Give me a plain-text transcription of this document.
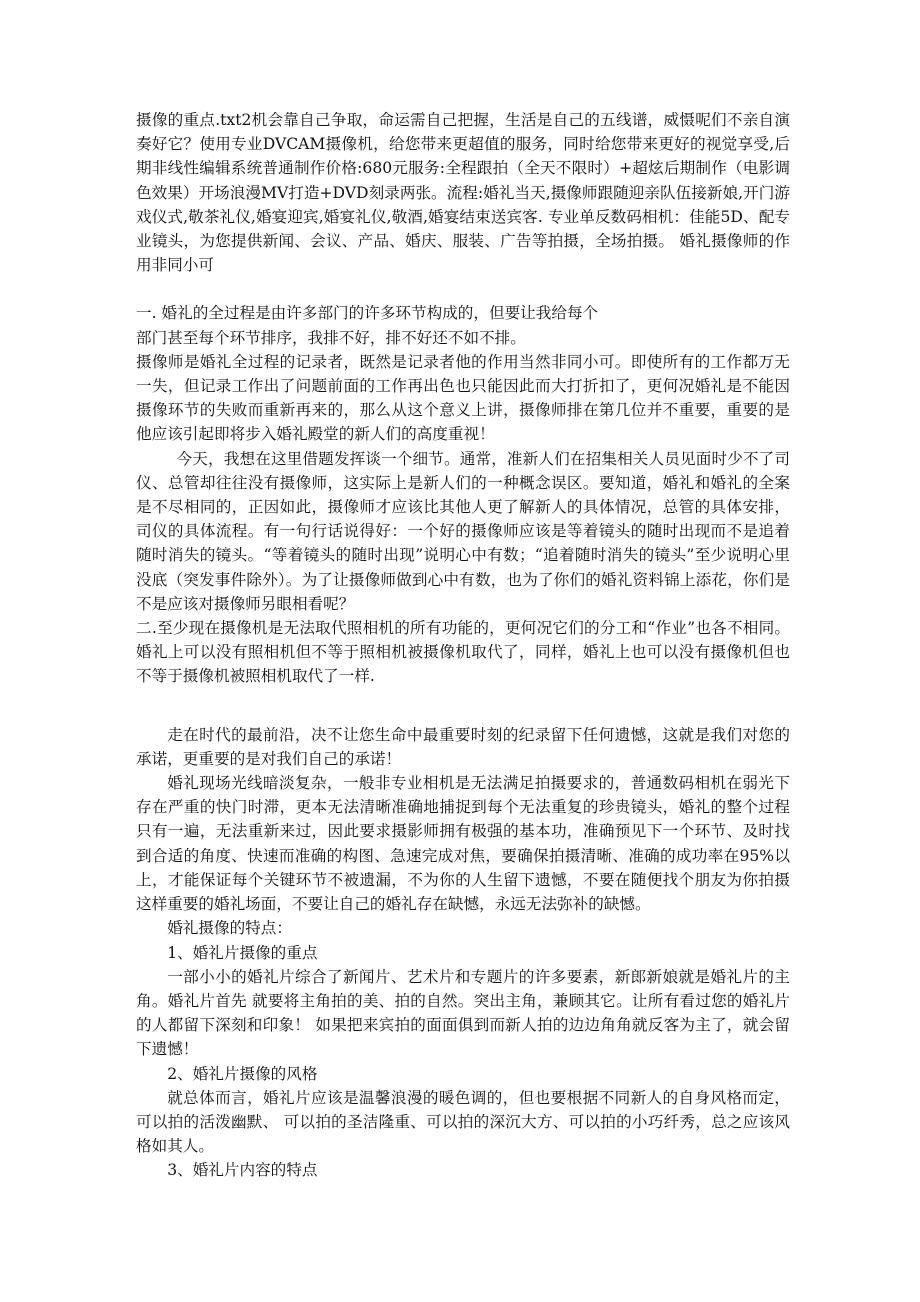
摄像的重点.txt2机会靠自己争取，命运需自己把握，生活是自己的五线谱，威慑呢们不亲自演奏好它？使用专业DVCAM摄像机，给您带来更超值的服务，同时给您带来更好的视觉享受,后期非线性编辑系统普通制作价格:680元服务:全程跟拍（全天不限时）+超炫后期制作（电影调色效果）开场浪漫MV打造+DVD刻录两张。流程:婚礼当天,摄像师跟随迎亲队伍接新娘,开门游戏仪式,敬茶礼仪,婚宴迎宾,婚宴礼仪,敬酒,婚宴结束送宾客. 专业单反数码相机：佳能5D、配专业镜头，为您提供新闻、会议、产品、婚庆、服装、广告等拍摄，全场拍摄。 婚礼摄像师的作用非同小可

一. 婚礼的全过程是由许多部门的许多环节构成的，但要让我给每个

部门甚至每个环节排序，我排不好，排不好还不如不排。

摄像师是婚礼全过程的记录者，既然是记录者他的作用当然非同小可。即使所有的工作都万无一失，但记录工作出了问题前面的工作再出色也只能因此而大打折扣了，更何况婚礼是不能因摄像环节的失败而重新再来的，那么从这个意义上讲，摄像师排在第几位并不重要，重要的是他应该引起即将步入婚礼殿堂的新人们的高度重视！

今天，我想在这里借题发挥谈一个细节。通常，准新人们在招集相关人员见面时少不了司仪、总管却往往没有摄像师，这实际上是新人们的一种概念误区。要知道，婚礼和婚礼的全案是不尽相同的，正因如此，摄像师才应该比其他人更了解新人的具体情况，总管的具体安排，司仪的具体流程。有一句行话说得好：一个好的摄像师应该是等着镜头的随时出现而不是追着随时消失的镜头。“等着镜头的随时出现”说明心中有数；“追着随时消失的镜头”至少说明心里没底（突发事件除外）。为了让摄像师做到心中有数，也为了你们的婚礼资料锦上添花，你们是不是应该对摄像师另眼相看呢？

二.至少现在摄像机是无法取代照相机的所有功能的，更何况它们的分工和“作业”也各不相同。婚礼上可以没有照相机但不等于照相机被摄像机取代了，同样，婚礼上也可以没有摄像机但也不等于摄像机被照相机取代了一样.

走在时代的最前沿，决不让您生命中最重要时刻的纪录留下任何遗憾，这就是我们对您的承诺，更重要的是对我们自己的承诺！

婚礼现场光线暗淡复杂，一般非专业相机是无法满足拍摄要求的，普通数码相机在弱光下存在严重的快门时滞，更本无法清晰准确地捕捉到每个无法重复的珍贵镜头，婚礼的整个过程只有一遍，无法重新来过，因此要求摄影师拥有极强的基本功，准确预见下一个环节、及时找到合适的角度、快速而准确的构图、急速完成对焦，要确保拍摄清晰、准确的成功率在95%以上，才能保证每个关键环节不被遗漏，不为你的人生留下遗憾，不要在随便找个朋友为你拍摄这样重要的婚礼场面，不要让自己的婚礼存在缺憾，永远无法弥补的缺憾。

婚礼摄像的特点：

1、婚礼片摄像的重点

一部小小的婚礼片综合了新闻片、艺术片和专题片的许多要素，新郎新娘就是婚礼片的主角。婚礼片首先 就要将主角拍的美、拍的自然。突出主角，兼顾其它。让所有看过您的婚礼片的人都留下深刻和印象！ 如果把来宾拍的面面俱到而新人拍的边边角角就反客为主了，就会留下遗憾！

2、婚礼片摄像的风格

就总体而言，婚礼片应该是温馨浪漫的暖色调的，但也要根据不同新人的自身风格而定，可以拍的活泼幽默、 可以拍的圣洁隆重、可以拍的深沉大方、可以拍的小巧纤秀，总之应该风格如其人。

3、婚礼片内容的特点
